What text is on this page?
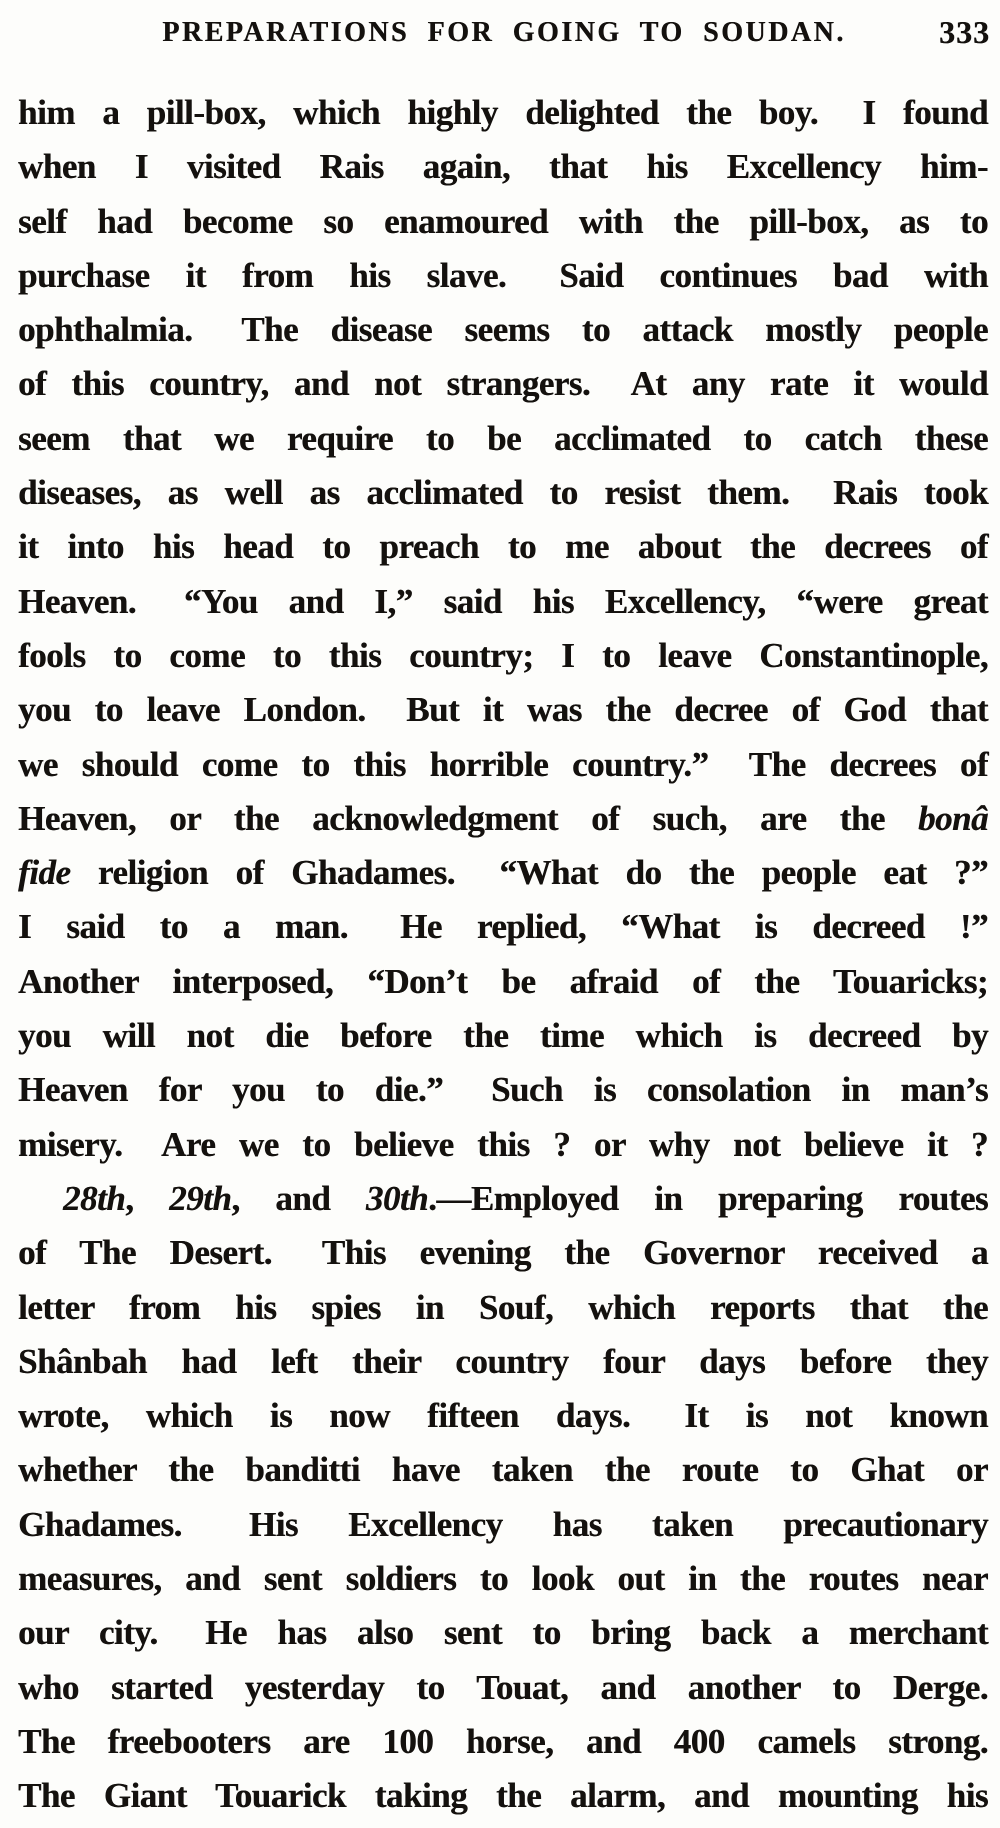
PREPARATIONS FOR GOING TO SOUDAN.	333
him a pill-box, which highly delighted the boy.  I found
when I visited Rais again, that his Excellency him-
self had become so enamoured with the pill-box, as to
purchase it from his slave.  Said continues bad with
ophthalmia.  The disease seems to attack mostly people
of this country, and not strangers.  At any rate it would
seem that we require to be acclimated to catch these
diseases, as well as acclimated to resist them.  Rais took
it into his head to preach to me about the decrees of
Heaven.  “You and I,” said his Excellency, “were great
fools to come to this country; I to leave Constantinople,
you to leave London.  But it was the decree of God that
we should come to this horrible country.”  The decrees of
Heaven, or the acknowledgment of such, are the bonâ
fide religion of Ghadames.  “What do the people eat ?”
I said to a man.  He replied, “What is decreed !”
Another interposed, “Don’t be afraid of the Touaricks;
you will not die before the time which is decreed by
Heaven for you to die.”  Such is consolation in man’s
misery.  Are we to believe this ? or why not believe it ?
28th, 29th, and 30th.—Employed in preparing routes
of The Desert.  This evening the Governor received a
letter from his spies in Souf, which reports that the
Shânbah had left their country four days before they
wrote, which is now fifteen days.  It is not known
whether the banditti have taken the route to Ghat or
Ghadames.  His Excellency has taken precautionary
measures, and sent soldiers to look out in the routes near
our city.  He has also sent to bring back a merchant
who started yesterday to Touat, and another to Derge.
The freebooters are 100 horse, and 400 camels strong.
The Giant Touarick taking the alarm, and mounting his
